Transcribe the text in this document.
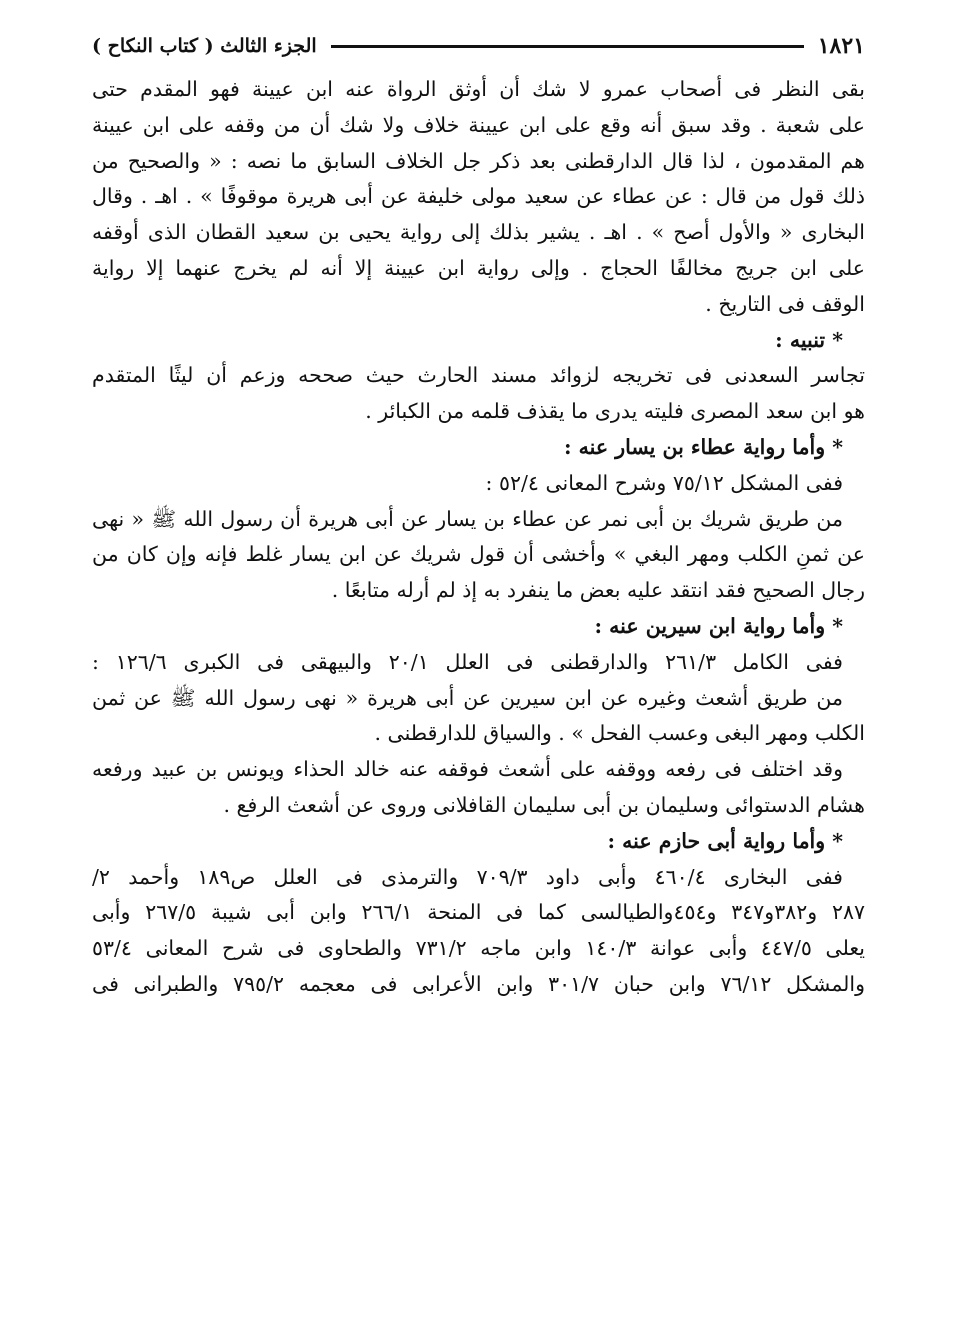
الجزء الثالث ( كتاب النكاح )	١٨٢١
بقى النظر فى أصحاب عمرو لا شك أن أوثق الرواة عنه ابن عيينة فهو المقدم حتى
على شعبة . وقد سبق أنه وقع على ابن عيينة خلاف ولا شك أن من وقفه على ابن عيينة
هم المقدمون ، لذا قال الدارقطنى بعد ذكر جل الخلاف السابق ما نصه : « والصحيح من
ذلك قول من قال : عن عطاء عن سعيد مولى خليفة عن أبى هريرة موقوفًا » . اهـ . وقال
البخارى « والأول أصح » . اهـ . يشير بذلك إلى رواية يحيى بن سعيد القطان الذى أوقفه
على ابن جريج مخالفًا الحجاج . وإلى رواية ابن عيينة إلا أنه لم يخرج عنهما إلا رواية
الوقف فى التاريخ .
* تنبيه :
تجاسر السعدنى فى تخريجه لزوائد مسند الحارث حيث صححه وزعم أن ليثًا المتقدم
هو ابن سعد المصرى فليته يدرى ما يقذف قلمه من الكبائر .
* وأما رواية عطاء بن يسار عنه :
ففى المشكل ٧٥/١٢ وشرح المعانى ٥٢/٤ :
من طريق شريك بن أبى نمر عن عطاء بن يسار عن أبى هريرة أن رسول الله ﷺ « نهى
عن ثمنِ الكلب ومهر البغي » وأخشى أن قول شريك عن ابن يسار غلط فإنه وإن كان من
رجال الصحيح فقد انتقد عليه بعض ما ينفرد به إذ لم أرله متابعًا .
* وأما رواية ابن سيرين عنه :
ففى الكامل ٢٦١/٣ والدارقطنى فى العلل ٢٠/١ والبيهقى فى الكبرى ١٢٦/٦ :
من طريق أشعث وغيره عن ابن سيرين عن أبى هريرة « نهى رسول الله ﷺ عن ثمن
الكلب ومهر البغى وعسب الفحل » . والسياق للدارقطنى .
وقد اختلف فى رفعه ووقفه على أشعث فوقفه عنه خالد الحذاء ويونس بن عبيد ورفعه
هشام الدستوائى وسليمان بن أبى سليمان القافلانى وروى عن أشعث الرفع .
* وأما رواية أبى حازم عنه :
ففى البخارى ٤٦٠/٤ وأبى داود ٧٠٩/٣ والترمذى فى العلل ص١٨٩ وأحمد ٢/
٢٨٧ و٣٨٢و٣٤٧ و٤٥٤والطيالسى كما فى المنحة ٢٦٦/١ وابن أبى شيبة ٢٦٧/٥ وأبى
يعلى ٤٤٧/٥ وأبى عوانة ١٤٠/٣ وابن ماجه ٧٣١/٢ والطحاوى فى شرح المعانى ٥٣/٤
والمشكل ٧٦/١٢ وابن حبان ٣٠١/٧ وابن الأعرابى فى معجمه ٧٩٥/٢ والطبرانى فى
